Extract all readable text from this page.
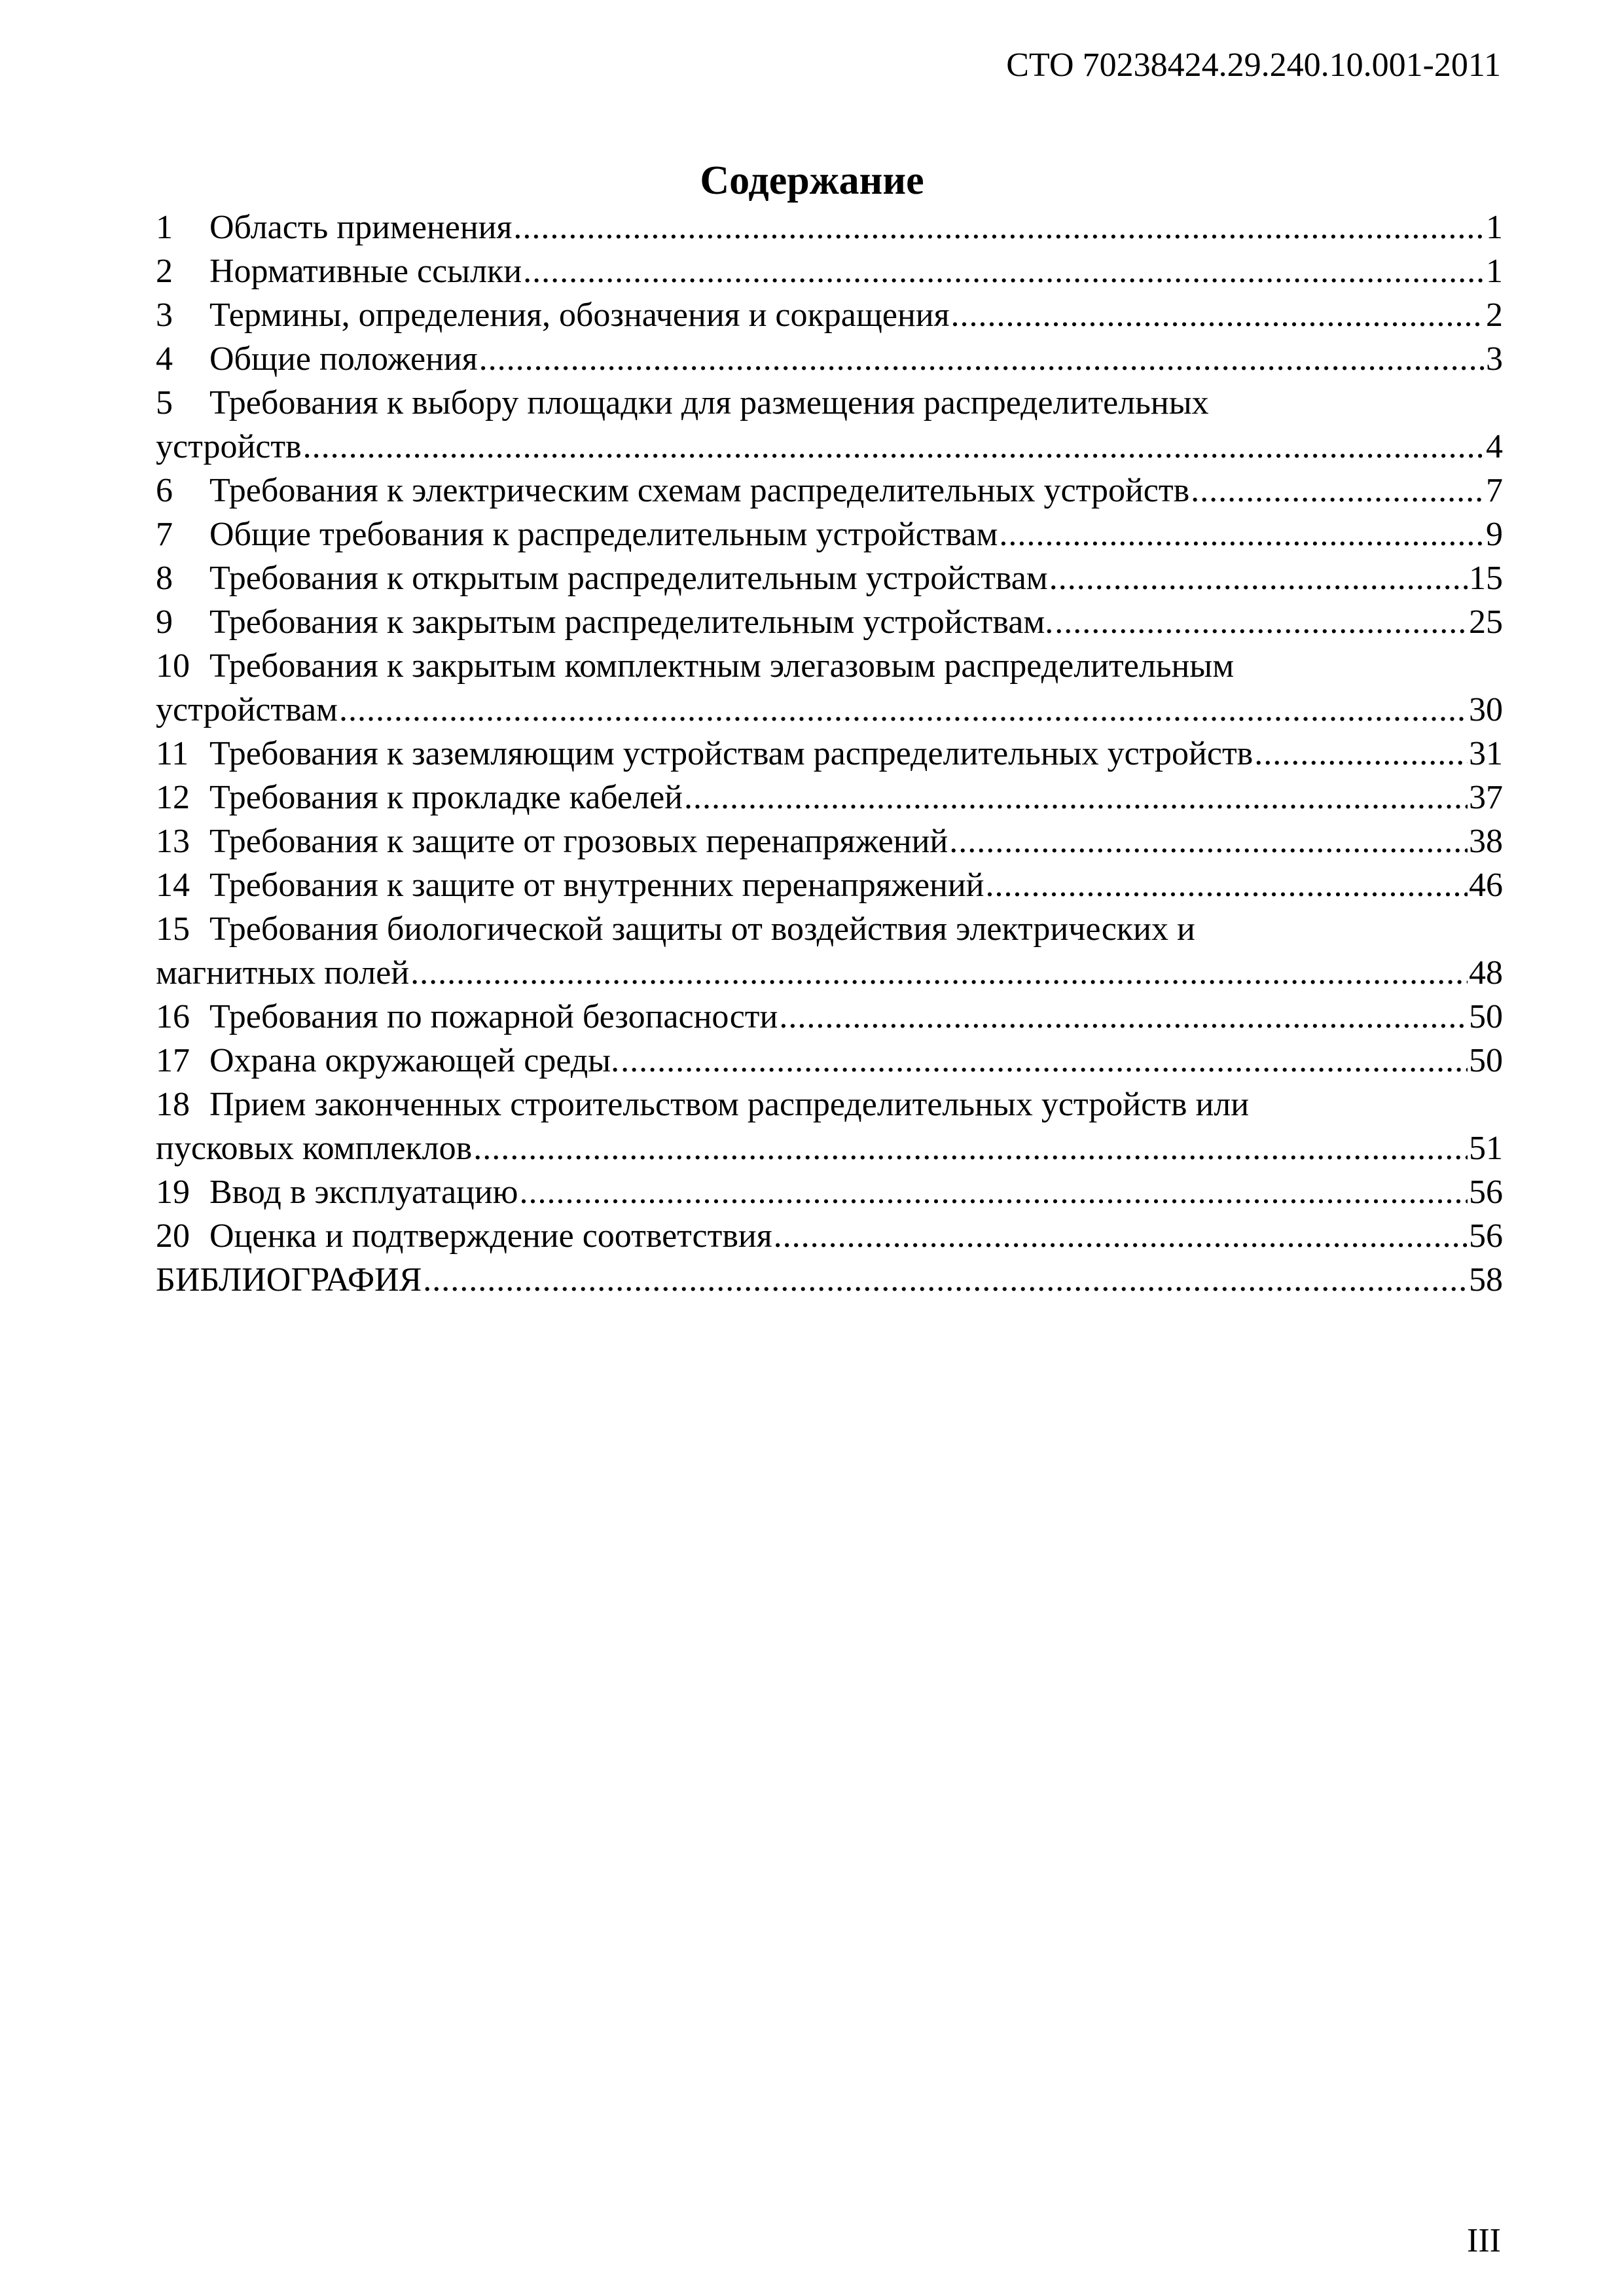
СТО 70238424.29.240.10.001-2011
Содержание
1	Область применения .....	1
2	Нормативные ссылки .....	1
3	Термины, определения, обозначения и сокращения .....	2
4	Общие положения .....	3
5	Требования к выбору площадки для размещения распределительных
устройств .....	4
6	Требования к электрическим схемам распределительных устройств .....	7
7	Общие требования к распределительным устройствам .....	9
8	Требования к открытым распределительным устройствам .....	15
9	Требования к закрытым распределительным устройствам. .....	25
10 Требования к закрытым комплектным элегазовым распределительным
устройствам .....	30
11 Требования к заземляющим устройствам распределительных устройств .....	31
12 Требования к прокладке кабелей .....	37
13 Требования к защите от грозовых перенапряжений .....	38
14 Требования к защите от внутренних перенапряжений .....	46
15 Требования биологической защиты от воздействия электрических и
магнитных полей .....	48
16 Требования по пожарной безопасности .....	50
17 Охрана окружающей среды. .....	50
18 Прием законченных строительством распределительных устройств или
пусковых комплеклов .....	51
19 Ввод в эксплуатацию .....	56
20 Оценка и подтверждение соответствия .....	56
БИБЛИОГРАФИЯ .....	58
III
